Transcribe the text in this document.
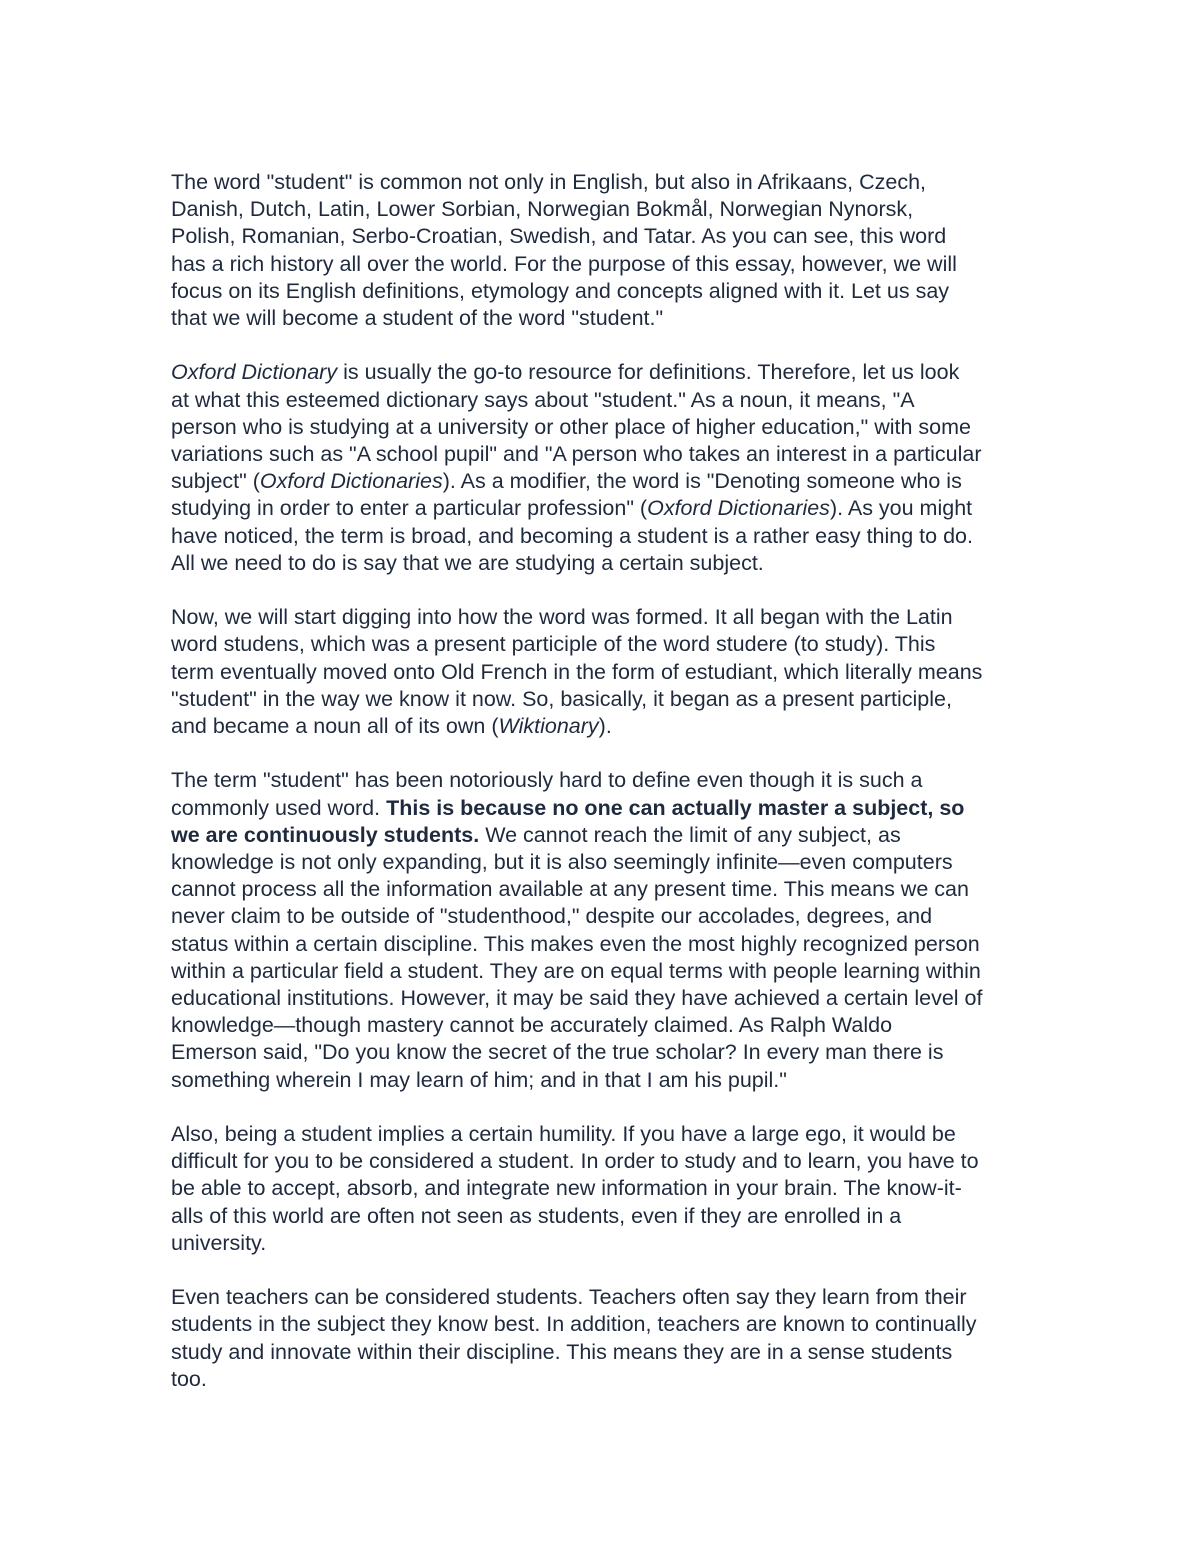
The word "student" is common not only in English, but also in Afrikaans, Czech,
Danish, Dutch, Latin, Lower Sorbian, Norwegian Bokmål, Norwegian Nynorsk,
Polish, Romanian, Serbo-Croatian, Swedish, and Tatar. As you can see, this word
has a rich history all over the world. For the purpose of this essay, however, we will
focus on its English definitions, etymology and concepts aligned with it. Let us say
that we will become a student of the word "student."

Oxford Dictionary is usually the go-to resource for definitions. Therefore, let us look
at what this esteemed dictionary says about "student." As a noun, it means, "A
person who is studying at a university or other place of higher education," with some
variations such as "A school pupil" and "A person who takes an interest in a particular
subject" (Oxford Dictionaries). As a modifier, the word is "Denoting someone who is
studying in order to enter a particular profession" (Oxford Dictionaries). As you might
have noticed, the term is broad, and becoming a student is a rather easy thing to do.
All we need to do is say that we are studying a certain subject.

Now, we will start digging into how the word was formed. It all began with the Latin
word studens, which was a present participle of the word studere (to study). This
term eventually moved onto Old French in the form of estudiant, which literally means
"student" in the way we know it now. So, basically, it began as a present participle,
and became a noun all of its own (Wiktionary).

The term "student" has been notoriously hard to define even though it is such a
commonly used word. This is because no one can actually master a subject, so
we are continuously students. We cannot reach the limit of any subject, as
knowledge is not only expanding, but it is also seemingly infinite—even computers
cannot process all the information available at any present time. This means we can
never claim to be outside of "studenthood," despite our accolades, degrees, and
status within a certain discipline. This makes even the most highly recognized person
within a particular field a student. They are on equal terms with people learning within
educational institutions. However, it may be said they have achieved a certain level of
knowledge—though mastery cannot be accurately claimed. As Ralph Waldo
Emerson said, "Do you know the secret of the true scholar? In every man there is
something wherein I may learn of him; and in that I am his pupil."

Also, being a student implies a certain humility. If you have a large ego, it would be
difficult for you to be considered a student. In order to study and to learn, you have to
be able to accept, absorb, and integrate new information in your brain. The know-it-
alls of this world are often not seen as students, even if they are enrolled in a
university.

Even teachers can be considered students. Teachers often say they learn from their
students in the subject they know best. In addition, teachers are known to continually
study and innovate within their discipline. This means they are in a sense students
too.
